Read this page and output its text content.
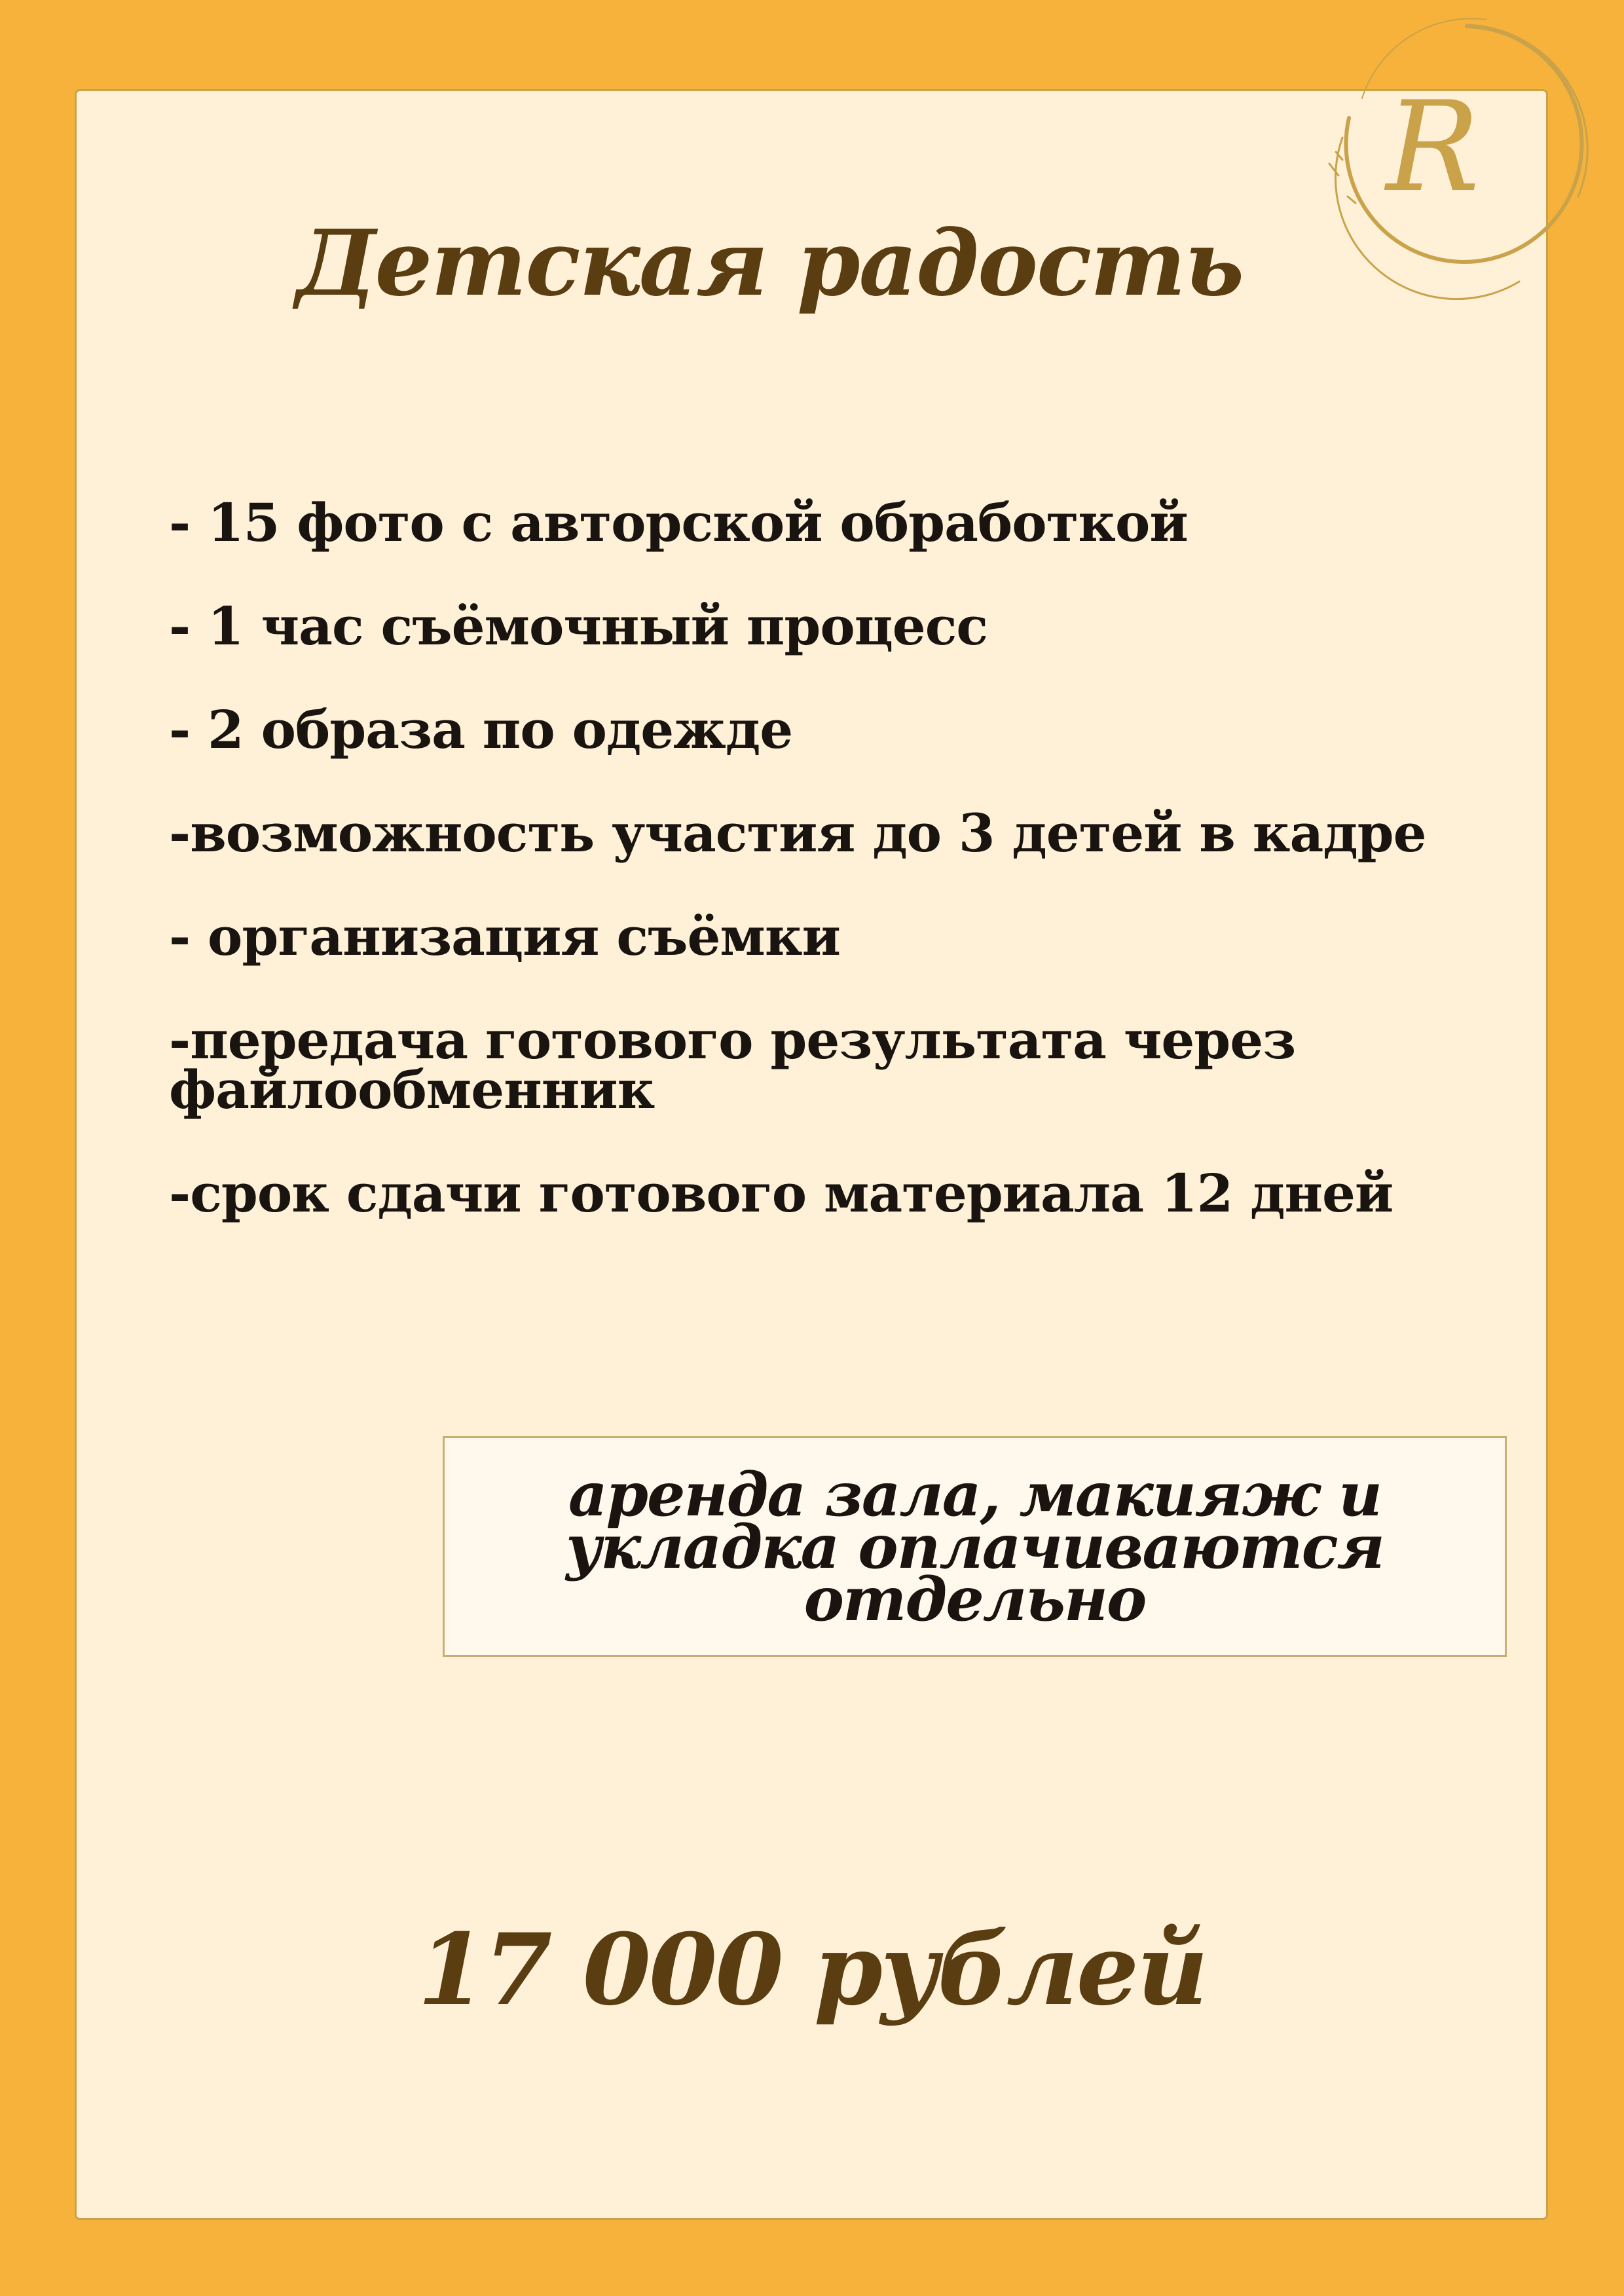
R
Детская радость
- 15 фото с авторской обработкой
- 1 час съёмочный процесс
- 2 образа по одежде
-возможность участия до 3 детей в кадре
- организация съёмки
-передача готового результата через файлообменник
-срок сдачи готового материала 12 дней
аренда зала, макияж и укладка оплачиваются отдельно
17 000 рублей
